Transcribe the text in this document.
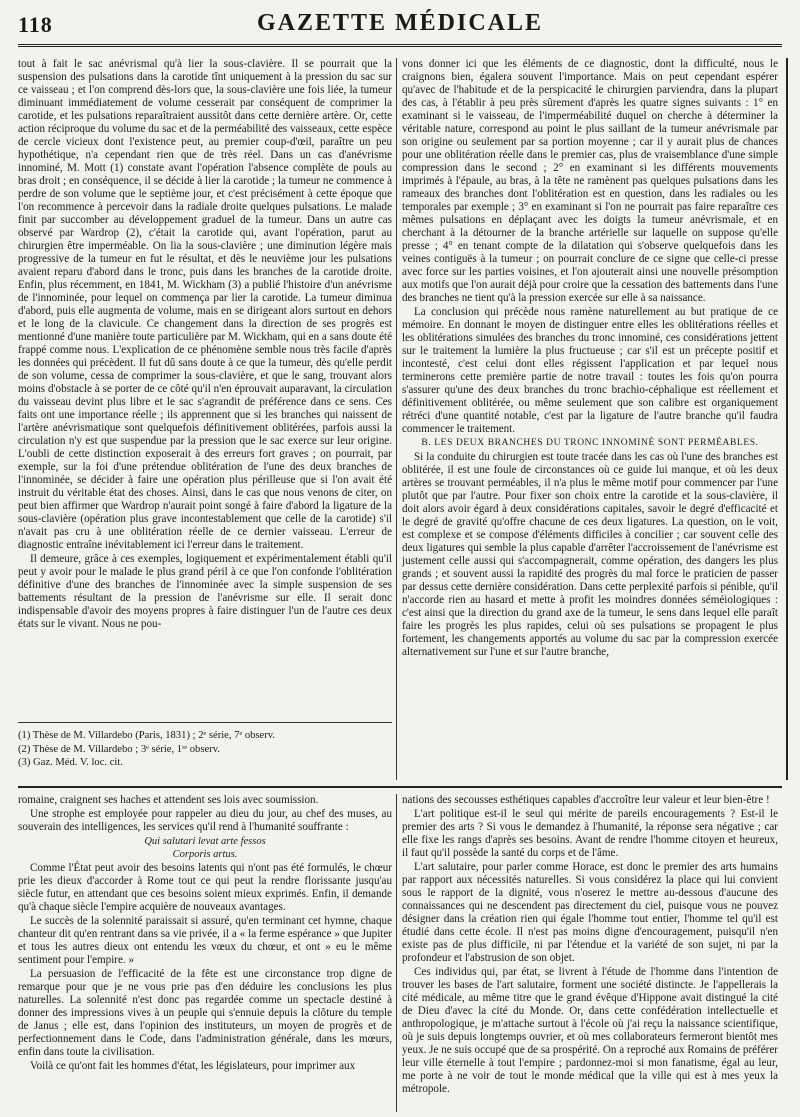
118	GAZETTE MÉDICALE

tout à fait le sac anévrismal qu'à lier la sous-clavière. Il se pourrait que la suspension des pulsations dans la carotide tînt uniquement à la pression du sac sur ce vaisseau ; et l'on comprend dès-lors que, la sous-clavière une fois liée, la tumeur diminuant immédiatement de volume cesserait par conséquent de comprimer la carotide, et les pulsations reparaîtraient aussitôt dans cette dernière artère. Or, cette action réciproque du volume du sac et de la perméabilité des vaisseaux, cette espèce de cercle vicieux dont l'existence peut, au premier coup-d'œil, paraître un peu hypothétique, n'a cependant rien que de très réel. Dans un cas d'anévrisme innominé, M. Mott (1) constate avant l'opération l'absence complète de pouls au bras droit ; en conséquence, il se décide à lier la carotide ; la tumeur ne commence à perdre de son volume que le septième jour, et c'est précisément à cette époque que l'on recommence à percevoir dans la radiale droite quelques pulsations. Le malade finit par succomber au développement graduel de la tumeur. Dans un autre cas observé par Wardrop (2), c'était la carotide qui, avant l'opération, parut au chirurgien être imperméable. On lia la sous-clavière ; une diminution légère mais progressive de la tumeur en fut le résultat, et dès le neuvième jour les pulsations avaient reparu d'abord dans le tronc, puis dans les branches de la carotide droite. Enfin, plus récemment, en 1841, M. Wickham (3) a publié l'histoire d'un anévrisme de l'innominée, pour lequel on commença par lier la carotide. La tumeur diminua d'abord, puis elle augmenta de volume, mais en se dirigeant alors surtout en dehors et le long de la clavicule. Ce changement dans la direction de ses progrès est mentionné d'une manière toute particulière par M. Wickham, qui en a sans doute été frappé comme nous. L'explication de ce phénomène semble nous très facile d'après les données qui précèdent. Il fut dû sans doute à ce que la tumeur, dès qu'elle perdit de son volume, cessa de comprimer la sous-clavière, et que le sang, trouvant alors moins d'obstacle à se porter de ce côté qu'il n'en éprouvait auparavant, la circulation du vaisseau devint plus libre et le sac s'agrandit de préférence dans ce sens. Ces faits ont une importance réelle ; ils apprennent que si les branches qui naissent de l'artère anévrismatique sont quelquefois définitivement oblitérées, parfois aussi la circulation n'y est que suspendue par la pression que le sac exerce sur leur origine. L'oubli de cette distinction exposerait à des erreurs fort graves ; on pourrait, par exemple, sur la foi d'une prétendue oblitération de l'une des deux branches de l'innominée, se décider à faire une opération plus périlleuse que si l'on avait été instruit du véritable état des choses. Ainsi, dans le cas que nous venons de citer, on peut bien affirmer que Wardrop n'aurait point songé à faire d'abord la ligature de la sous-clavière (opération plus grave incontestablement que celle de la carotide) s'il n'avait pas cru à une oblitération réelle de ce dernier vaisseau. L'erreur de diagnostic entraîne inévitablement ici l'erreur dans le traitement.

Il demeure, grâce à ces exemples, logiquement et expérimentalement établi qu'il peut y avoir pour le malade le plus grand péril à ce que l'on confonde l'oblitération définitive d'une des branches de l'innominée avec la simple suspension de ses battements résultant de la pression de l'anévrisme sur elle. Il serait donc indispensable d'avoir des moyens propres à faire distinguer l'un de l'autre ces deux états sur le vivant. Nous ne pou-

(1) Thèse de M. Villardebo (Paris, 1831) ; 2ᵉ série, 7ᵉ observ.
(2) Thèse de M. Villardebo ; 3ᵉ série, 1ʳᵉ observ.
(3) Gaz. Méd. V. loc. cit.

vons donner ici que les éléments de ce diagnostic, dont la difficulté, nous le craignons bien, égalera souvent l'importance. Mais on peut cependant espérer qu'avec de l'habitude et de la perspicacité le chirurgien parviendra, dans la plupart des cas, à l'établir à peu près sûrement d'après les quatre signes suivants : 1° en examinant si le vaisseau, de l'imperméabilité duquel on cherche à déterminer la véritable nature, correspond au point le plus saillant de la tumeur anévrismale par son origine ou seulement par sa portion moyenne ; car il y aurait plus de chances pour une oblitération réelle dans le premier cas, plus de vraisemblance d'une simple compression dans le second ; 2° en examinant si les différents mouvements imprimés à l'épaule, au bras, à la tête ne ramènent pas quelques pulsations dans les rameaux des branches dont l'oblitération est en question, dans les radiales ou les temporales par exemple ; 3° en examinant si l'on ne pourrait pas faire reparaître ces mêmes pulsations en déplaçant avec les doigts la tumeur anévrismale, et en cherchant à la détourner de la branche artérielle sur laquelle on suppose qu'elle presse ; 4° en tenant compte de la dilatation qui s'observe quelquefois dans les veines contiguës à la tumeur ; on pourrait conclure de ce signe que celle-ci presse avec force sur les parties voisines, et l'on ajouterait ainsi une nouvelle présomption aux motifs que l'on aurait déjà pour croire que la cessation des battements dans l'une des branches ne tient qu'à la pression exercée sur elle à sa naissance.

La conclusion qui précède nous ramène naturellement au but pratique de ce mémoire. En donnant le moyen de distinguer entre elles les oblitérations réelles et les oblitérations simulées des branches du tronc innominé, ces considérations jettent sur le traitement la lumière la plus fructueuse ; car s'il est un précepte positif et incontesté, c'est celui dont elles régissent l'application et par lequel nous terminerons cette première partie de notre travail : toutes les fois qu'on pourra s'assurer qu'une des deux branches du tronc brachio-céphalique est réellement et définitivement oblitérée, ou même seulement que son calibre est organiquement rétréci d'une quantité notable, c'est par la ligature de l'autre branche qu'il faudra commencer le traitement.

B. LES DEUX BRANCHES DU TRONC INNOMINÉ SONT PERMÉABLES.

Si la conduite du chirurgien est toute tracée dans les cas où l'une des branches est oblitérée, il est une foule de circonstances où ce guide lui manque, et où les deux artères se trouvant perméables, il n'a plus le même motif pour commencer par l'une plutôt que par l'autre. Pour fixer son choix entre la carotide et la sous-clavière, il doit alors avoir égard à deux considérations capitales, savoir le degré d'efficacité et le degré de gravité qu'offre chacune de ces deux ligatures. La question, on le voit, est complexe et se compose d'éléments difficiles à concilier ; car souvent celle des deux ligatures qui semble la plus capable d'arrêter l'accroissement de l'anévrisme est justement celle aussi qui s'accompagnerait, comme opération, des dangers les plus grands ; et souvent aussi la rapidité des progrès du mal force le praticien de passer par dessus cette dernière considération. Dans cette perplexité parfois si pénible, qu'il n'accorde rien au hasard et mette à profit les moindres données séméiologiques : c'est ainsi que la direction du grand axe de la tumeur, le sens dans lequel elle paraît faire les progrès les plus rapides, celui où ses pulsations se propagent le plus fortement, les changements apportés au volume du sac par la compression exercée alternativement sur l'une et sur l'autre branche,

romaine, craignent ses haches et attendent ses lois avec soumission.

Une strophe est employée pour rappeler au dieu du jour, au chef des muses, au souverain des intelligences, les services qu'il rend à l'humanité souffrante :

Qui salutari levat arte fessos
Corporis artus.

Comme l'État peut avoir des besoins latents qui n'ont pas été formulés, le chœur prie les dieux d'accorder à Rome tout ce qui peut la rendre florissante jusqu'au siècle futur, en attendant que ces besoins soient mieux exprimés. Enfin, il demande qu'à chaque siècle l'empire acquière de nouveaux avantages.

Le succès de la solennité paraissait si assuré, qu'en terminant cet hymne, chaque chanteur dit qu'en rentrant dans sa vie privée, il a « la ferme espérance » que Jupiter et tous les autres dieux ont entendu les vœux du chœur, et ont » eu le même sentiment pour l'empire. »

La persuasion de l'efficacité de la fête est une circonstance trop digne de remarque pour que je ne vous prie pas d'en déduire les conclusions les plus naturelles. La solennité n'est donc pas regardée comme un spectacle destiné à donner des impressions vives à un peuple qui s'ennuie depuis la clôture du temple de Janus ; elle est, dans l'opinion des instituteurs, un moyen de progrès et de perfectionnement dans le Code, dans l'administration générale, dans les mœurs, enfin dans toute la civilisation.

Voilà ce qu'ont fait les hommes d'état, les législateurs, pour imprimer aux

nations des secousses esthétiques capables d'accroître leur valeur et leur bien-être !

L'art politique est-il le seul qui mérite de pareils encouragements ? Est-il le premier des arts ? Si vous le demandez à l'humanité, la réponse sera négative ; car elle fixe les rangs d'après ses besoins. Avant de rendre l'homme citoyen et heureux, il faut qu'il possède la santé du corps et de l'âme.

L'art salutaire, pour parler comme Horace, est donc le premier des arts humains par rapport aux nécessités naturelles. Si vous considérez la place qui lui convient sous le rapport de la dignité, vous n'oserez le mettre au-dessous d'aucune des connaissances qui ne descendent pas directement du ciel, puisque vous ne pouvez désigner dans la création rien qui égale l'homme tout entier, l'homme tel qu'il est étudié dans cette école. Il n'est pas moins digne d'encouragement, puisqu'il n'en existe pas de plus difficile, ni par l'étendue et la variété de son sujet, ni par la profondeur et l'abstrusion de son objet.

Ces individus qui, par état, se livrent à l'étude de l'homme dans l'intention de trouver les bases de l'art salutaire, forment une société distincte. Je l'appellerais la cité médicale, au même titre que le grand évêque d'Hippone avait distingué la cité de Dieu d'avec la cité du Monde. Or, dans cette confédération intellectuelle et anthropologique, je m'attache surtout à l'école où j'ai reçu la naissance scientifique, où je suis depuis longtemps ouvrier, et où mes collaborateurs fermeront bientôt mes yeux. Je ne suis occupé que de sa prospérité. On a reproché aux Romains de préférer leur ville éternelle à tout l'empire ; pardonnez-moi si mon fanatisme, égal au leur, me porte à ne voir de tout le monde médical que la ville qui est à mes yeux la métropole.
